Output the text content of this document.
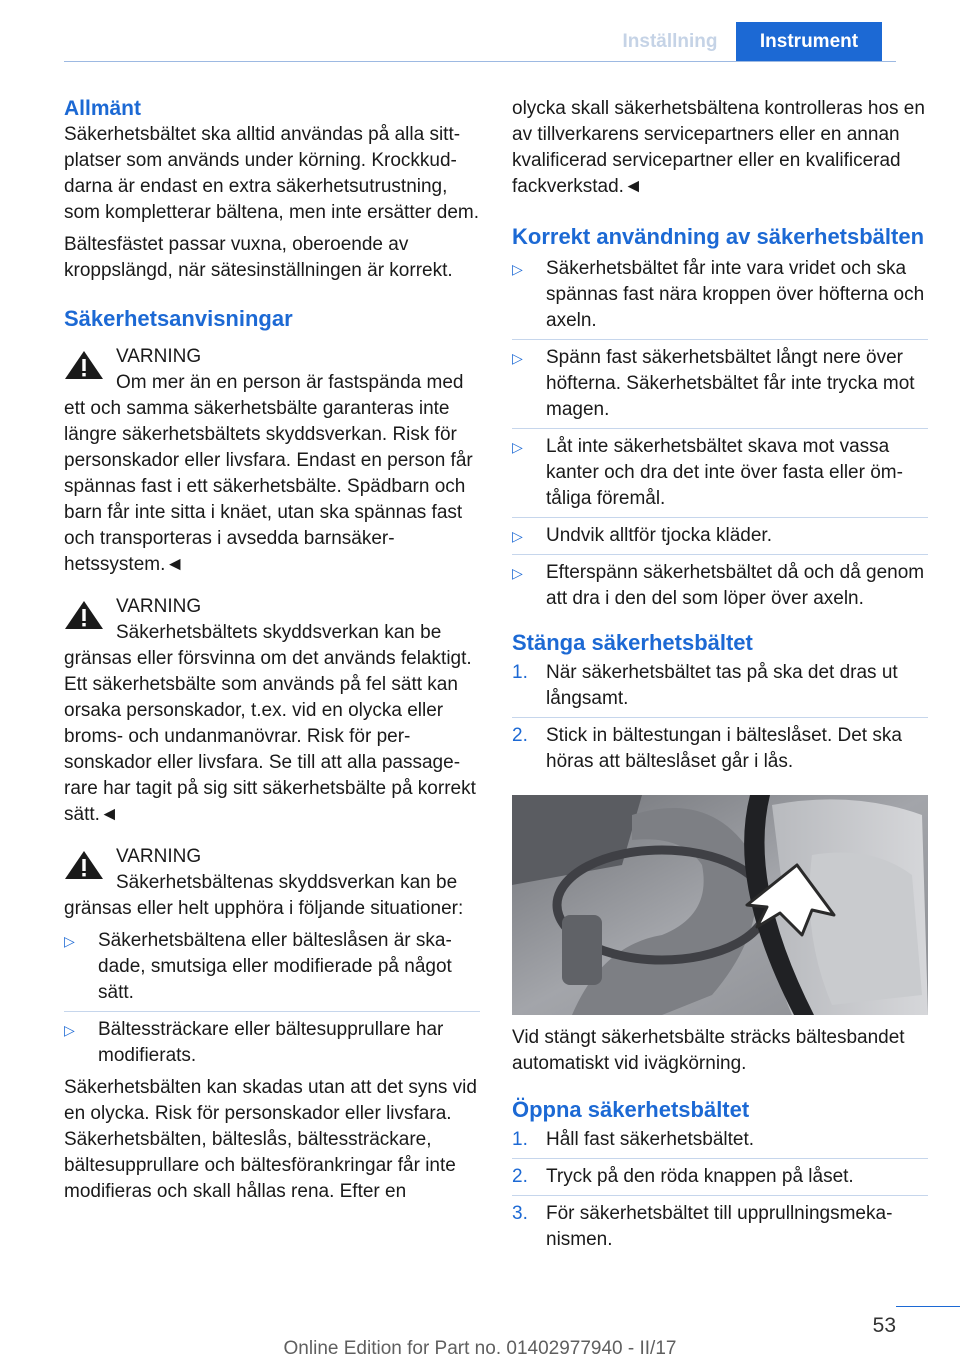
Inställning	Instrument
Allmänt

Säkerhetsbältet ska alltid användas på alla sittplatser som används under körning. Krockkuddarna är endast en extra säkerhetsutrustning, som kompletterar bältena, men inte ersätter dem.

Bältesfästet passar vuxna, oberoende av kroppslängd, när sätesinställningen är korrekt.

Säkerhetsanvisningar
VARNING
Om mer än en person är fastspända med
ett och samma säkerhetsbälte garanteras inte längre säkerhetsbältets skyddsverkan. Risk för personskador eller livsfara. Endast en person får spännas fast i ett säkerhetsbälte. Spädbarn och barn får inte sitta i knäet, utan ska spännas fast och transporteras i avsedda barnsäkerhetssystem.◄
VARNING
Säkerhetsbältets skyddsverkan kan be
gränsas eller försvinna om det används felaktigt. Ett säkerhetsbälte som används på fel sätt kan orsaka personskador, t.ex. vid en olycka eller broms- och undanmanövrar. Risk för personskador eller livsfara. Se till att alla passagerare har tagit på sig sitt säkerhetsbälte på korrekt sätt.◄
VARNING
Säkerhetsbältenas skyddsverkan kan be
gränsas eller helt upphöra i följande situationer:
▷ Säkerhetsbältena eller bälteslåsen är skadade, smutsiga eller modifierade på något sätt.
▷ Bältessträckare eller bältesupprullare har modifierats.

Säkerhetsbälten kan skadas utan att det syns vid en olycka. Risk för personskador eller livsfara. Säkerhetsbälten, bälteslås, bältessträckare, bältesupprullare och bältesförankringar får inte modifieras och skall hållas rena. Efter en

olycka skall säkerhetsbältena kontrolleras hos en av tillverkarens servicepartners eller en annan kvalificerad servicepartner eller en kvalificerad fackverkstad.◄

Korrekt användning av säkerhetsbälten
▷ Säkerhetsbältet får inte vara vridet och ska spännas fast nära kroppen över höfterna och axeln.
▷ Spänn fast säkerhetsbältet långt nere över höfterna. Säkerhetsbältet får inte trycka mot magen.
▷ Låt inte säkerhetsbältet skava mot vassa kanter och dra det inte över fasta eller ömtåliga föremål.
▷ Undvik alltför tjocka kläder.
▷ Efterspänn säkerhetsbältet då och då genom att dra i den del som löper över axeln.
Stänga säkerhetsbältet
1. När säkerhetsbältet tas på ska det dras ut långsamt.
2. Stick in bältestungan i bälteslåset. Det ska höras att bälteslåset går i lås.

Vid stängt säkerhetsbälte sträcks bältesbandet automatiskt vid ivägkörning.

Öppna säkerhetsbältet
1. Håll fast säkerhetsbältet.
2. Tryck på den röda knappen på låset.
3. För säkerhetsbältet till upprullningsmekanismen.
53
Online Edition for Part no. 01402977940 - II/17
